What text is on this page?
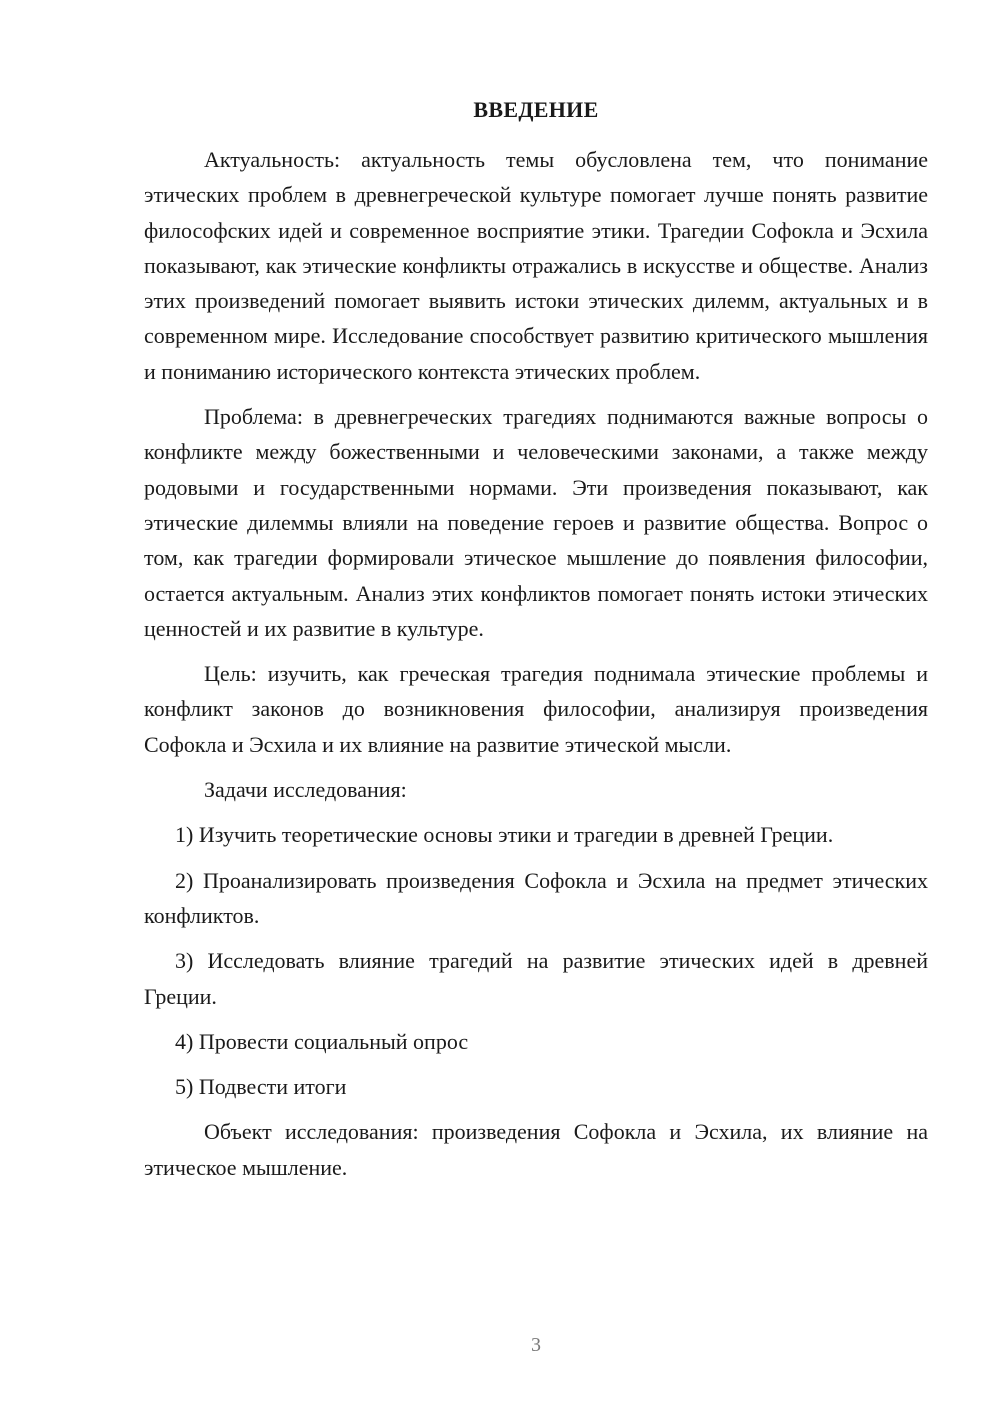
ВВЕДЕНИЕ

Актуальность: актуальность темы обусловлена тем, что понимание этических проблем в древнегреческой культуре помогает лучше понять развитие философских идей и современное восприятие этики. Трагедии Софокла и Эсхила показывают, как этические конфликты отражались в искусстве и обществе. Анализ этих произведений помогает выявить истоки этических дилемм, актуальных и в современном мире. Исследование способствует развитию критического мышления и пониманию исторического контекста этических проблем.

Проблема: в древнегреческих трагедиях поднимаются важные вопросы о конфликте между божественными и человеческими законами, а также между родовыми и государственными нормами. Эти произведения показывают, как этические дилеммы влияли на поведение героев и развитие общества. Вопрос о том, как трагедии формировали этическое мышление до появления философии, остается актуальным. Анализ этих конфликтов помогает понять истоки этических ценностей и их развитие в культуре.

Цель: изучить, как греческая трагедия поднимала этические проблемы и конфликт законов до возникновения философии, анализируя произведения Софокла и Эсхила и их влияние на развитие этической мысли.

Задачи исследования:

1) Изучить теоретические основы этики и трагедии в древней Греции.

2) Проанализировать произведения Софокла и Эсхила на предмет этических конфликтов.

3) Исследовать влияние трагедий на развитие этических идей в древней Греции.

4) Провести социальный опрос

5) Подвести итоги

Объект исследования: произведения Софокла и Эсхила, их влияние на этическое мышление.

3
